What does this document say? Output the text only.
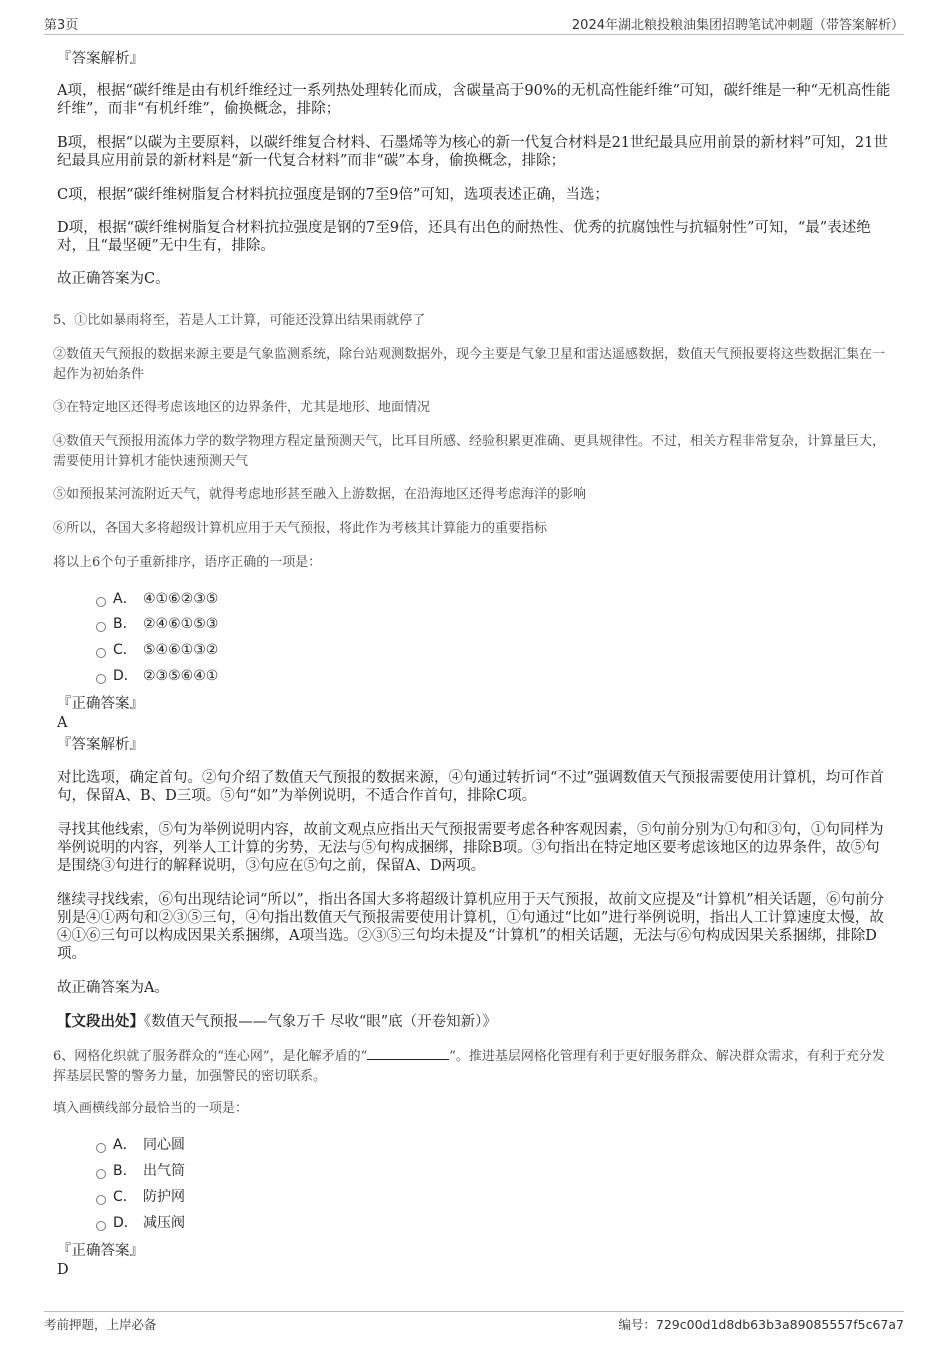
第3页	2024年湖北粮投粮油集团招聘笔试冲刺题（带答案解析）
『答案解析』
A项，根据“碳纤维是由有机纤维经过一系列热处理转化而成，含碳量高于90%的无机高性能纤维”可知，碳纤维是一种“无机高性能纤维”，而非“有机纤维”，偷换概念，排除；
B项，根据“以碳为主要原料，以碳纤维复合材料、石墨烯等为核心的新一代复合材料是21世纪最具应用前景的新材料”可知，21世纪最具应用前景的新材料是“新一代复合材料”而非“碳”本身，偷换概念，排除；
C项，根据“碳纤维树脂复合材料抗拉强度是钢的7至9倍”可知，选项表述正确，当选；
D项，根据“碳纤维树脂复合材料抗拉强度是钢的7至9倍，还具有出色的耐热性、优秀的抗腐蚀性与抗辐射性”可知，“最”表述绝对，且“最坚硬”无中生有，排除。
故正确答案为C。
5、①比如暴雨将至，若是人工计算，可能还没算出结果雨就停了
②数值天气预报的数据来源主要是气象监测系统，除台站观测数据外，现今主要是气象卫星和雷达遥感数据，数值天气预报要将这些数据汇集在一起作为初始条件
③在特定地区还得考虑该地区的边界条件，尤其是地形、地面情况
④数值天气预报用流体力学的数学物理方程定量预测天气，比耳目所感、经验积累更准确、更具规律性。不过，相关方程非常复杂，计算量巨大，需要使用计算机才能快速预测天气
⑤如预报某河流附近天气，就得考虑地形甚至融入上游数据，在沿海地区还得考虑海洋的影响
⑥所以，各国大多将超级计算机应用于天气预报，将此作为考核其计算能力的重要指标
将以上6个句子重新排序，语序正确的一项是：
A． ④①⑥②③⑤
B． ②④⑥①⑤③
C． ⑤④⑥①③②
D． ②③⑤⑥④①
『正确答案』
A
『答案解析』
对比选项，确定首句。②句介绍了数值天气预报的数据来源，④句通过转折词“不过”强调数值天气预报需要使用计算机，均可作首句，保留A、B、D三项。⑤句“如”为举例说明，不适合作首句，排除C项。
寻找其他线索，⑤句为举例说明内容，故前文观点应指出天气预报需要考虑各种客观因素，⑤句前分别为①句和③句，①句同样为举例说明的内容，列举人工计算的劣势，无法与⑤句构成捆绑，排除B项。③句指出在特定地区要考虑该地区的边界条件，故⑤句是围绕③句进行的解释说明，③句应在⑤句之前，保留A、D两项。
继续寻找线索，⑥句出现结论词“所以”，指出各国大多将超级计算机应用于天气预报，故前文应提及“计算机”相关话题，⑥句前分别是④①两句和②③⑤三句，④句指出数值天气预报需要使用计算机，①句通过“比如”进行举例说明，指出人工计算速度太慢，故④①⑥三句可以构成因果关系捆绑，A项当选。②③⑤三句均未提及“计算机”的相关话题，无法与⑥句构成因果关系捆绑，排除D项。
故正确答案为A。
【文段出处】《数值天气预报——气象万千 尽收“眼”底（开卷知新）》
6、网格化织就了服务群众的“连心网”，是化解矛盾的“	”。推进基层网格化管理有利于更好服务群众、解决群众需求，有利于充分发挥基层民警的警务力量，加强警民的密切联系。
填入画横线部分最恰当的一项是：
A． 同心圆
B． 出气筒
C． 防护网
D． 减压阀
『正确答案』
D
考前押题，上岸必备	编号：729c00d1d8db63b3a89085557f5c67a7
